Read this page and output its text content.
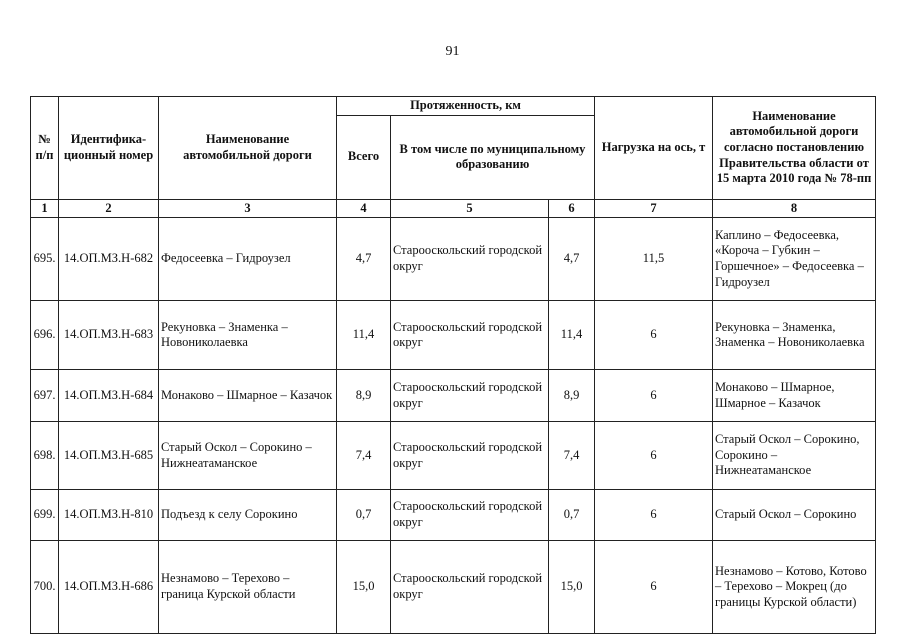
91
№ п/п	Идентифика-ционный номер	Наименование автомобильной дороги	Протяженность, км			Нагрузка на ось, т	Наименование автомобильной дороги согласно постановлению Правительства области от 15 марта 2010 года № 78-пп
			Всего	В том числе по муниципальному образованию			
1	2	3	4	5	6	7	8
695.	14.ОП.МЗ.Н-682	Федосеевка – Гидроузел	4,7	Старооскольский городской округ	4,7	11,5	Каплино – Федосеевка, «Короча – Губкин – Горшечное» – Федосеевка – Гидроузел
696.	14.ОП.МЗ.Н-683	Рекуновка – Знаменка – Новониколаевка	11,4	Старооскольский городской округ	11,4	6	Рекуновка – Знаменка, Знаменка – Новониколаевка
697.	14.ОП.МЗ.Н-684	Монаково – Шмарное – Казачок	8,9	Старооскольский городской округ	8,9	6	Монаково – Шмарное, Шмарное – Казачок
698.	14.ОП.МЗ.Н-685	Старый Оскол – Сорокино – Нижнеатаманское	7,4	Старооскольский городской округ	7,4	6	Старый Оскол – Сорокино, Сорокино – Нижнеатаманское
699.	14.ОП.МЗ.Н-810	Подъезд к селу Сорокино	0,7	Старооскольский городской округ	0,7	6	Старый Оскол – Сорокино
700.	14.ОП.МЗ.Н-686	Незнамово – Терехово – граница Курской области	15,0	Старооскольский городской округ	15,0	6	Незнамово – Котово, Котово – Терехово – Мокрец (до границы Курской области)
